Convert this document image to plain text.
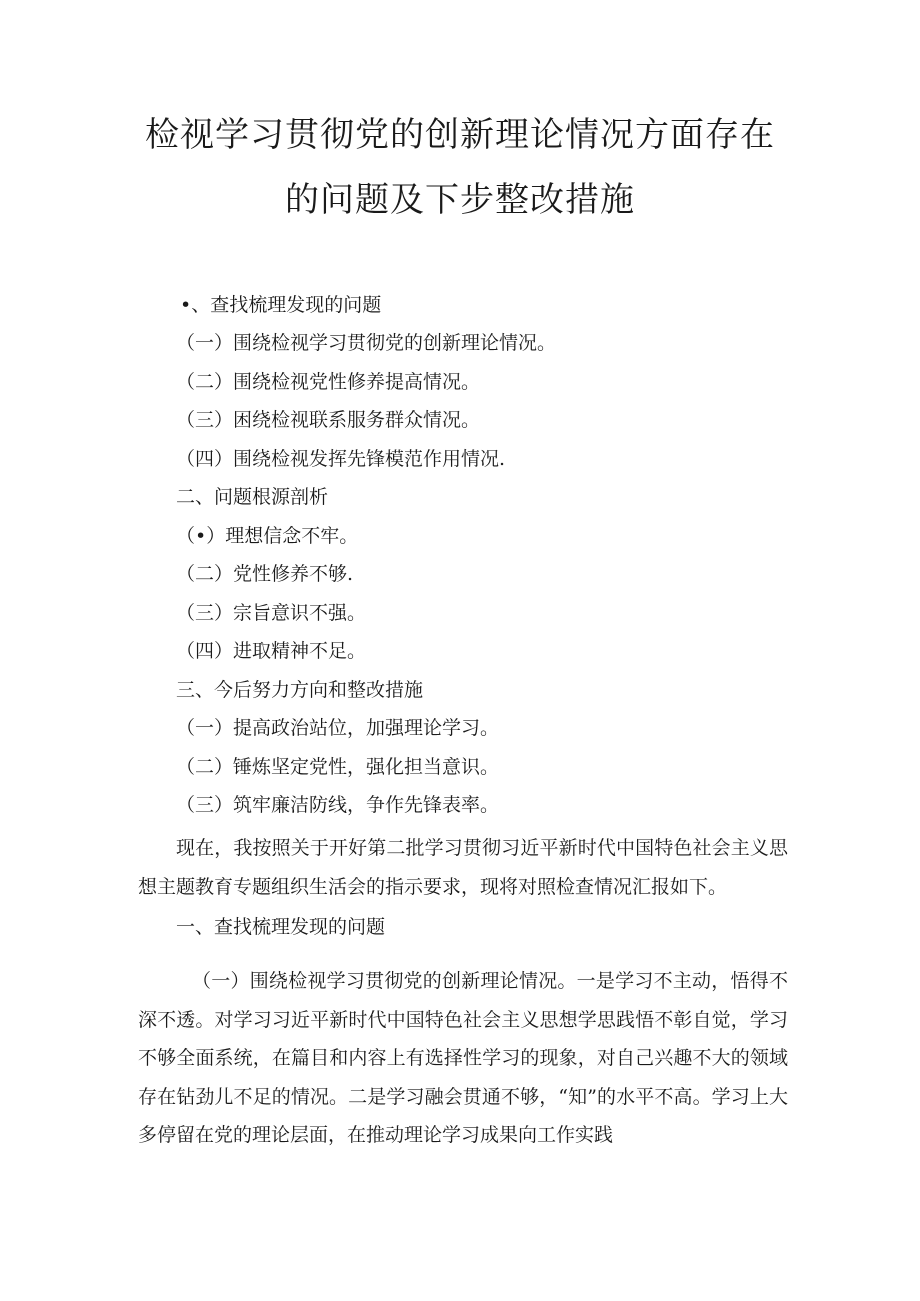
检视学习贯彻党的创新理论情况方面存在
的问题及下步整改措施
•、查找梳理发现的问题
（一）围绕检视学习贯彻党的创新理论情况。
（二）围绕检视党性修养提高情况。
（三）困绕检视联系服务群众情况。
（四）围绕检视发挥先锋模范作用情况.
二、问题根源剖析
（•）理想信念不牢。
（二）党性修养不够.
（三）宗旨意识不强。
（四）进取精神不足。
三、今后努力方向和整改措施
（一）提高政治站位，加强理论学习。
（二）锤炼坚定党性，强化担当意识。
（三）筑牢廉洁防线，争作先锋表率。

现在，我按照关于开好第二批学习贯彻习近平新时代中国特色社会主义思想主题教育专题组织生活会的指示要求，现将对照检查情况汇报如下。

一、查找梳理发现的问题

（一）围绕检视学习贯彻党的创新理论情况。一是学习不主动，悟得不深不透。对学习习近平新时代中国特色社会主义思想学思践悟不彰自觉，学习不够全面系统，在篇目和内容上有选择性学习的现象，对自己兴趣不大的领域存在钻劲儿不足的情况。二是学习融会贯通不够，“知”的水平不高。学习上大多停留在党的理论层面，在推动理论学习成果向工作实践
